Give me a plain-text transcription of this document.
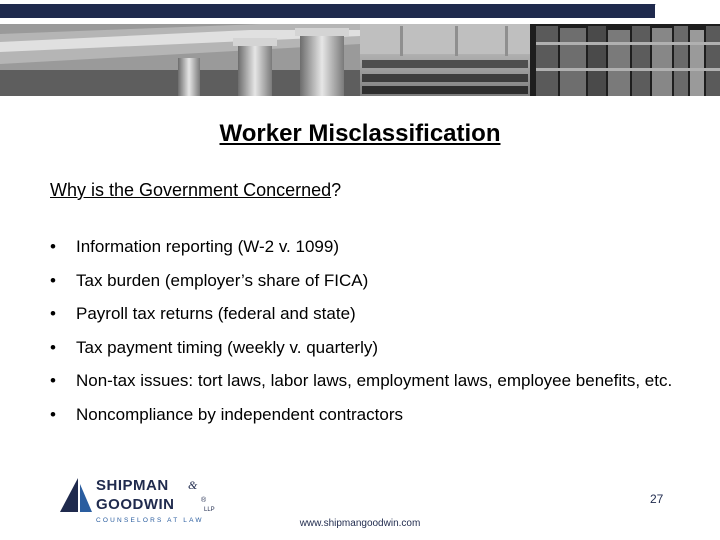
Worker Misclassification
Why is the Government Concerned?
• Information reporting (W-2 v. 1099)
• Tax burden (employer’s share of FICA)
• Payroll tax returns (federal and state)
• Tax payment timing (weekly v. quarterly)
• Non-tax issues: tort laws, labor laws, employment laws, employee benefits, etc.
• Noncompliance by independent contractors
SHIPMAN &
GOODWIN	®
LLP
COUNSELORS AT LAW
27
www.shipmangoodwin.com
